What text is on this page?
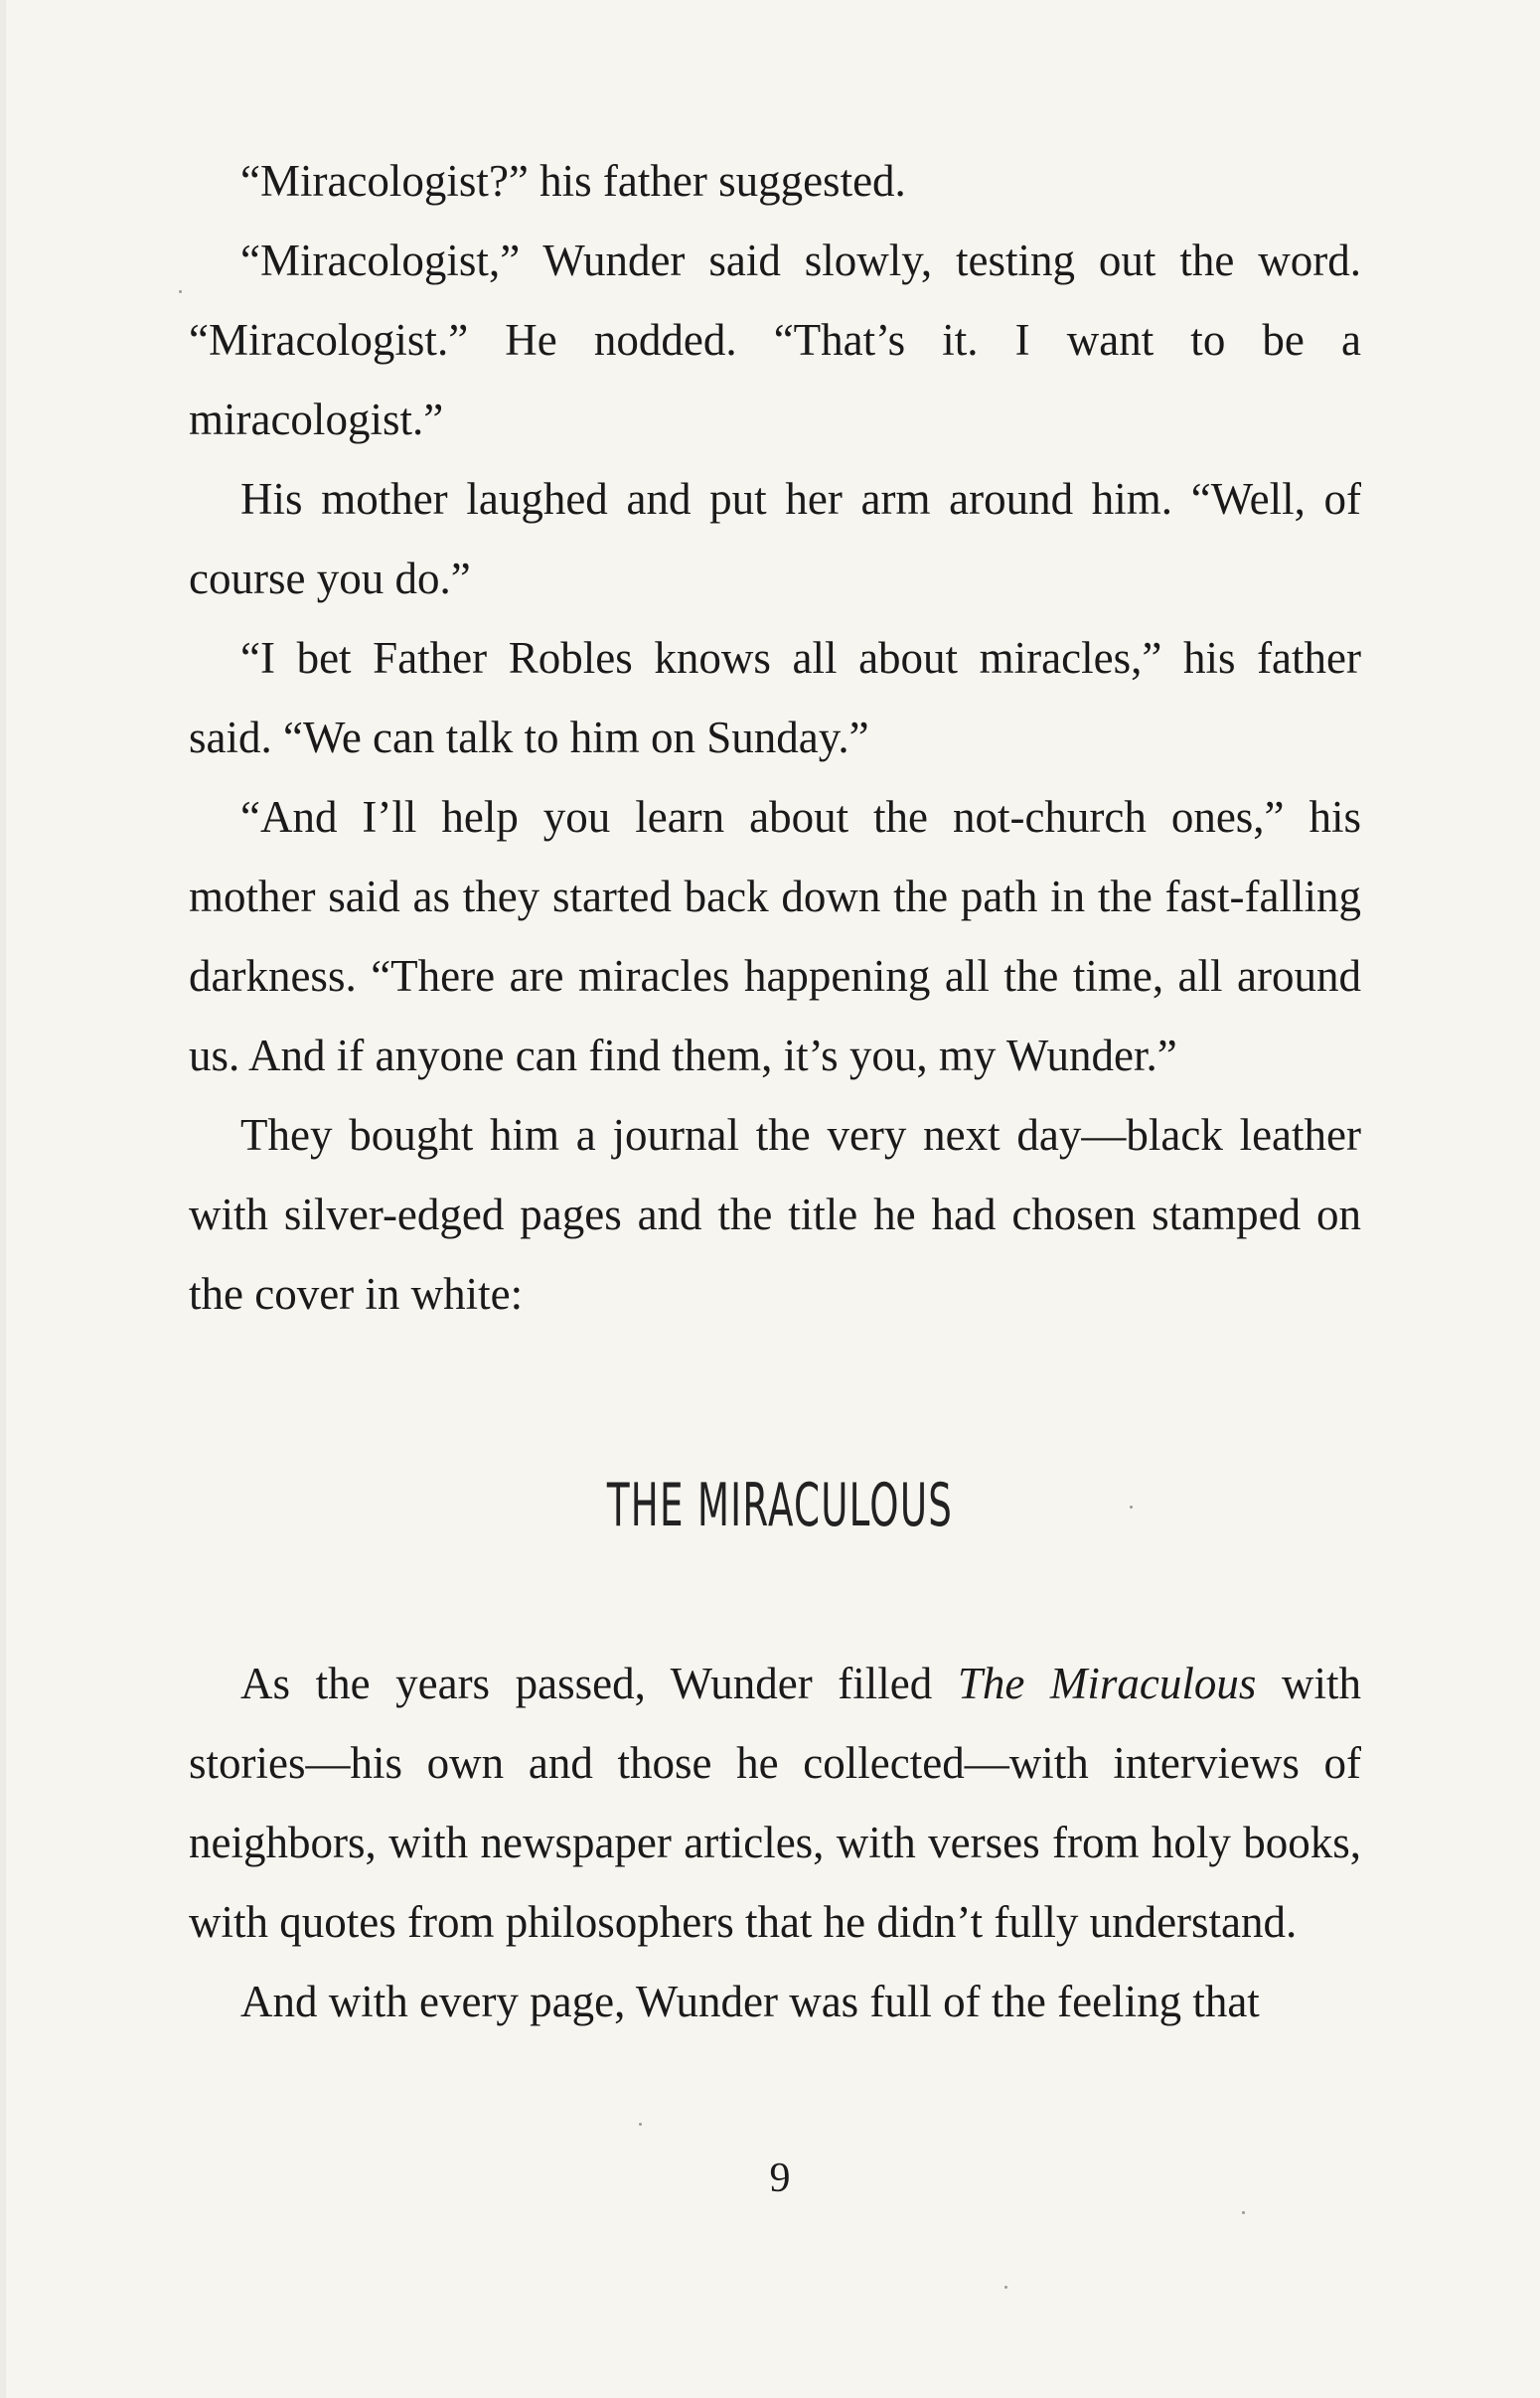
“Miracologist?” his father suggested.

“Miracologist,” Wunder said slowly, testing out the word. “Miracologist.” He nodded. “That’s it. I want to be a miracologist.”

His mother laughed and put her arm around him. “Well, of course you do.”

“I bet Father Robles knows all about miracles,” his father said. “We can talk to him on Sunday.”

“And I’ll help you learn about the not-church ones,” his mother said as they started back down the path in the fast-falling darkness. “There are miracles happening all the time, all around us. And if anyone can find them, it’s you, my Wunder.”

They bought him a journal the very next day—black leather with silver-edged pages and the title he had chosen stamped on the cover in white:

THE MIRACULOUS

As the years passed, Wunder filled The Miraculous with stories—his own and those he collected—with interviews of neighbors, with newspaper articles, with verses from holy books, with quotes from philosophers that he didn’t fully understand.

And with every page, Wunder was full of the feeling that

9
